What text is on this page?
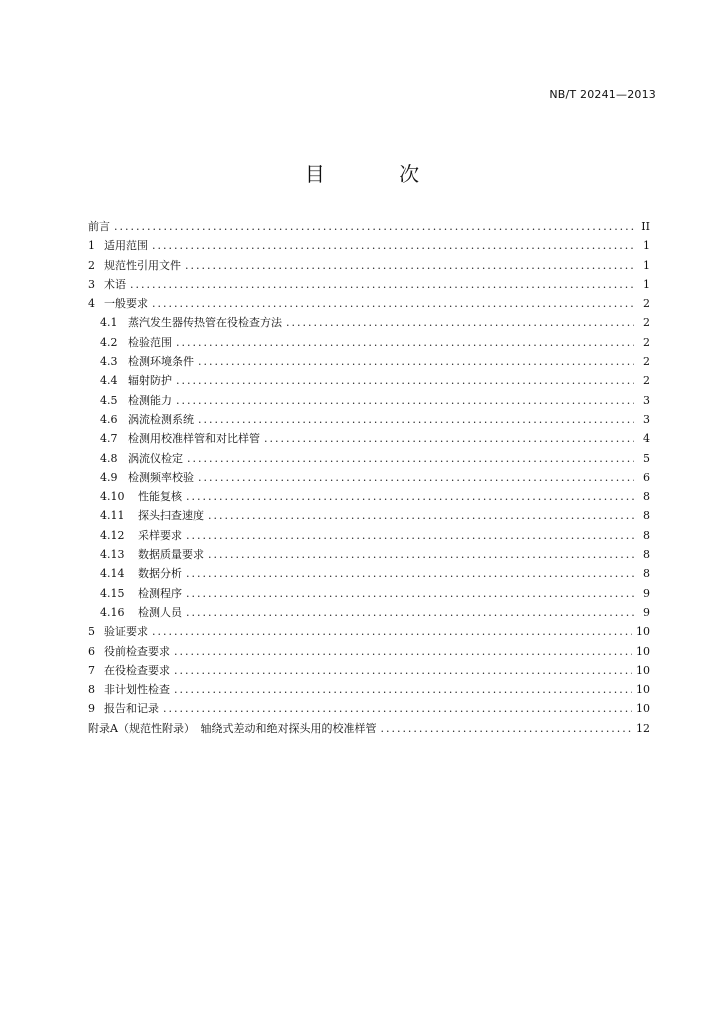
NB/T 20241—2013
目 次
前言 .....	II
1 适用范围 .....	1
2 规范性引用文件 .....	1
3 术语 .....	1
4 一般要求 .....	2
4.1 蒸汽发生器传热管在役检查方法 .....	2
4.2 检验范围 .....	2
4.3 检测环境条件 .....	2
4.4 辐射防护 .....	2
4.5 检测能力 .....	3
4.6 涡流检测系统 .....	3
4.7 检测用校准样管和对比样管 .....	4
4.8 涡流仪检定 .....	5
4.9 检测频率校验 .....	6
4.10	性能复核 .....	8
4.11	探头扫查速度 .....	8
4.12	采样要求 .....	8
4.13	数据质量要求 .....	8
4.14	数据分析 .....	8
4.15	检测程序 .....	9
4.16	检测人员 .....	9
5 验证要求 .....	10
6 役前检查要求 .....	10
7 在役检查要求 .....	10
8 非计划性检查 .....	10
9 报告和记录 .....	10
附录A（规范性附录）　轴绕式差动和绝对探头用的校准样管 .....	12
